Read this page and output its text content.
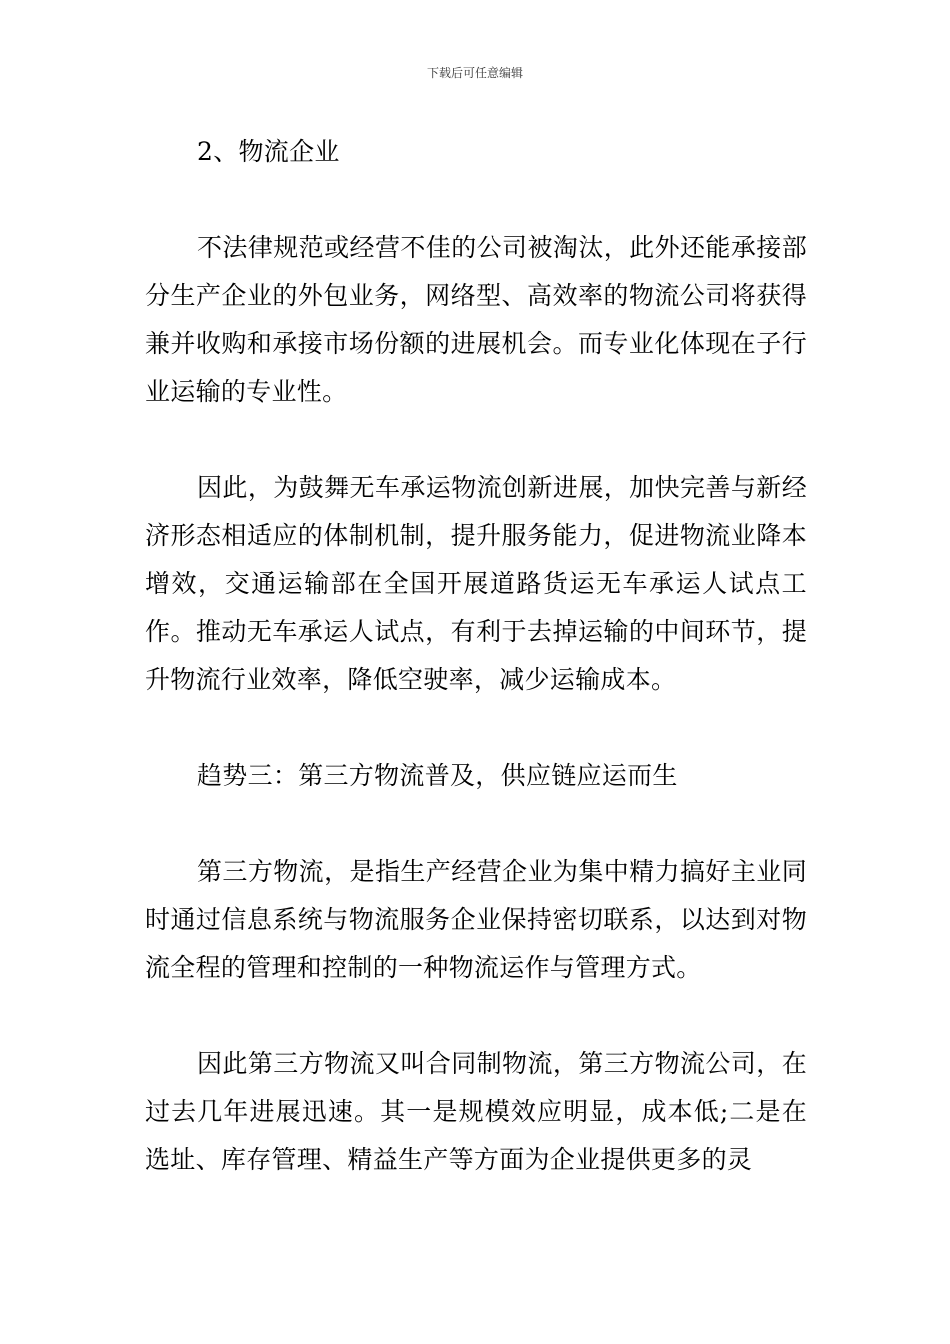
下载后可任意编辑

2、物流企业

不法律规范或经营不佳的公司被淘汰，此外还能承接部分生产企业的外包业务，网络型、高效率的物流公司将获得兼并收购和承接市场份额的进展机会。而专业化体现在子行业运输的专业性。

因此，为鼓舞无车承运物流创新进展，加快完善与新经济形态相适应的体制机制，提升服务能力，促进物流业降本增效，交通运输部在全国开展道路货运无车承运人试点工作。推动无车承运人试点，有利于去掉运输的中间环节，提升物流行业效率，降低空驶率，减少运输成本。

趋势三：第三方物流普及，供应链应运而生

第三方物流，是指生产经营企业为集中精力搞好主业同时通过信息系统与物流服务企业保持密切联系，以达到对物流全程的管理和控制的一种物流运作与管理方式。

因此第三方物流又叫合同制物流，第三方物流公司，在过去几年进展迅速。其一是规模效应明显，成本低;二是在选址、库存管理、精益生产等方面为企业提供更多的灵
